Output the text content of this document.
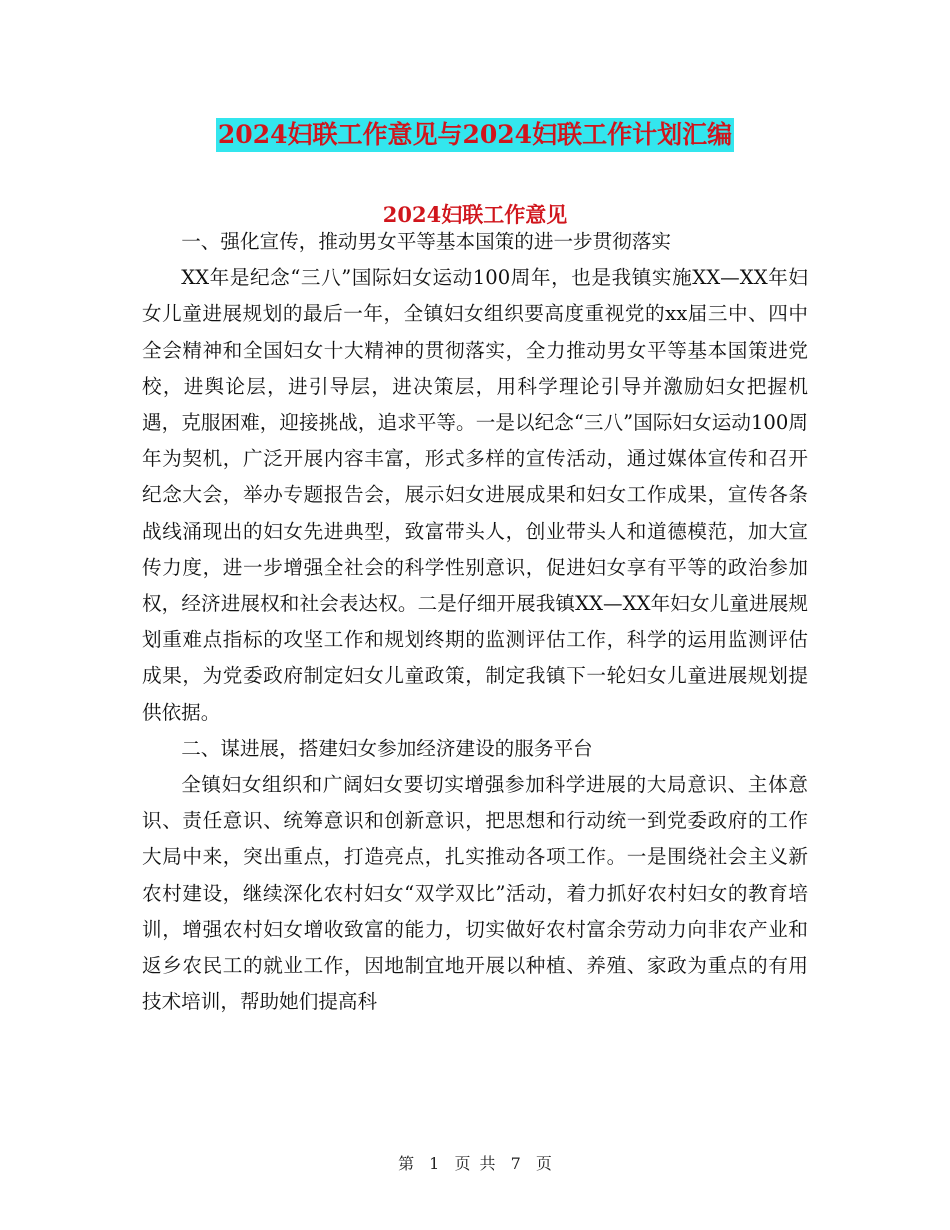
2024妇联工作意见与2024妇联工作计划汇编
2024妇联工作意见

一、强化宣传，推动男女平等基本国策的进一步贯彻落实

XX年是纪念“三八”国际妇女运动100周年，也是我镇实施XX—XX年妇女儿童进展规划的最后一年，全镇妇女组织要高度重视党的xx届三中、四中全会精神和全国妇女十大精神的贯彻落实，全力推动男女平等基本国策进党校，进舆论层，进引导层，进决策层，用科学理论引导并激励妇女把握机遇，克服困难，迎接挑战，追求平等。一是以纪念“三八”国际妇女运动100周年为契机，广泛开展内容丰富，形式多样的宣传活动，通过媒体宣传和召开纪念大会，举办专题报告会，展示妇女进展成果和妇女工作成果，宣传各条战线涌现出的妇女先进典型，致富带头人，创业带头人和道德模范，加大宣传力度，进一步增强全社会的科学性别意识，促进妇女享有平等的政治参加权，经济进展权和社会表达权。二是仔细开展我镇XX—XX年妇女儿童进展规划重难点指标的攻坚工作和规划终期的监测评估工作，科学的运用监测评估成果，为党委政府制定妇女儿童政策，制定我镇下一轮妇女儿童进展规划提供依据。

二、谋进展，搭建妇女参加经济建设的服务平台

全镇妇女组织和广阔妇女要切实增强参加科学进展的大局意识、主体意识、责任意识、统筹意识和创新意识，把思想和行动统一到党委政府的工作大局中来，突出重点，打造亮点，扎实推动各项工作。一是围绕社会主义新农村建设，继续深化农村妇女“双学双比”活动，着力抓好农村妇女的教育培训，增强农村妇女增收致富的能力，切实做好农村富余劳动力向非农产业和返乡农民工的就业工作，因地制宜地开展以种植、养殖、家政为重点的有用技术培训，帮助她们提高科

第 1 页 共 7 页
